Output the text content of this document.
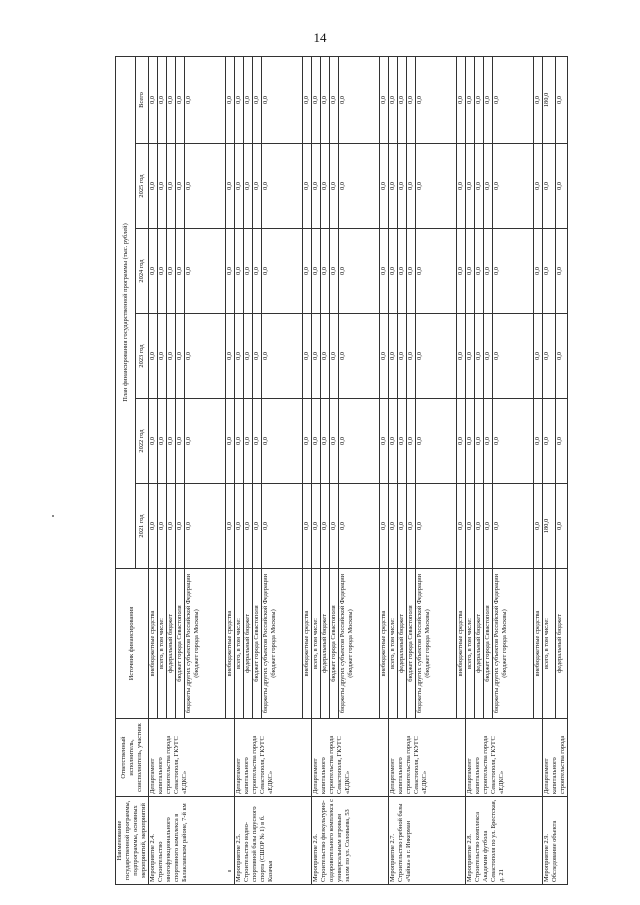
14
Наименование государственной программы, подпрограммы, основных мероприятий, мероприятий	Ответственный исполнитель, соисполнитель, участник	Источник финансирования	План финансирования государственной программы (тыс. рублей)					
			2021 год	2022 год	2023 год	2024 год	2025 год	Всего
Мероприятие 2.4. Строительство многофункционального спортивного комплекса в Балаклавском районе, 7-й км	Департамент капитального строительства города Севастополя, ГКУГС «ЕДКС»	внебюджетные средства	0,0	0,0	0,0	0,0	0,0	0,0
		всего, в том числе:	0,0	0,0	0,0	0,0	0,0	0,0
		федеральный бюджет	0,0	0,0	0,0	0,0	0,0	0,0
		бюджет города Севастополя	0,0	0,0	0,0	0,0	0,0	0,0
		бюджеты других субъектов Российской Федерации (бюджет города Москвы)	0,0	0,0	0,0	0,0	0,0	0,0
		внебюджетные средства	0,0	0,0	0,0	0,0	0,0	0,0
Мероприятие 2.5. Строительство водно-спортивной базы парусного спорта (СШОР № 1) в б. Казачья	Департамент капитального строительства города Севастополя, ГКУГС «ЕДКС»	всего, в том числе:	0,0	0,0	0,0	0,0	0,0	0,0
		федеральный бюджет	0,0	0,0	0,0	0,0	0,0	0,0
		бюджет города Севастополя	0,0	0,0	0,0	0,0	0,0	0,0
		бюджеты других субъектов Российской Федерации (бюджет города Москвы)	0,0	0,0	0,0	0,0	0,0	0,0
		внебюджетные средства	0,0	0,0	0,0	0,0	0,0	0,0
Мероприятие 2.6. Строительство физкультурно-оздоровительного комплекса с универсальным игровым залом по ул. Соловьева, 53	Департамент капитального строительства города Севастополя, ГКУГС «ЕДКС»	всего, в том числе:	0,0	0,0	0,0	0,0	0,0	0,0
		федеральный бюджет	0,0	0,0	0,0	0,0	0,0	0,0
		бюджет города Севастополя	0,0	0,0	0,0	0,0	0,0	0,0
		бюджеты других субъектов Российской Федерации (бюджет города Москвы)	0,0	0,0	0,0	0,0	0,0	0,0
		внебюджетные средства	0,0	0,0	0,0	0,0	0,0	0,0
Мероприятие 2.7. Строительство гребной базы «Чайка» в г. Инкерман	Департамент капитального строительства города Севастополя, ГКУГС «ЕДКС»	всего, в том числе:	0,0	0,0	0,0	0,0	0,0	0,0
		федеральный бюджет	0,0	0,0	0,0	0,0	0,0	0,0
		бюджет города Севастополя	0,0	0,0	0,0	0,0	0,0	0,0
		бюджеты других субъектов Российской Федерации (бюджет города Москвы)	0,0	0,0	0,0	0,0	0,0	0,0
		внебюджетные средства	0,0	0,0	0,0	0,0	0,0	0,0
Мероприятие 2.8. Строительство комплекса Академии футбола Севастополя по ул. Брестская, д. 21	Департамент капитального строительства города Севастополя, ГКУГС «ЕДКС»	всего, в том числе:	0,0	0,0	0,0	0,0	0,0	0,0
		федеральный бюджет	0,0	0,0	0,0	0,0	0,0	0,0
		бюджет города Севастополя	0,0	0,0	0,0	0,0	0,0	0,0
		бюджеты других субъектов Российской Федерации (бюджет города Москвы)	0,0	0,0	0,0	0,0	0,0	0,0
		внебюджетные средства	0,0	0,0	0,0	0,0	0,0	0,0
Мероприятие 2.9. Обследование объекта	Департамент капитального строительства города	всего, в том числе:	180,0	0,0	0,0	0,0	0,0	180,0
		федеральный бюджет	0,0	0,0	0,0	0,0	0,0	0,0
